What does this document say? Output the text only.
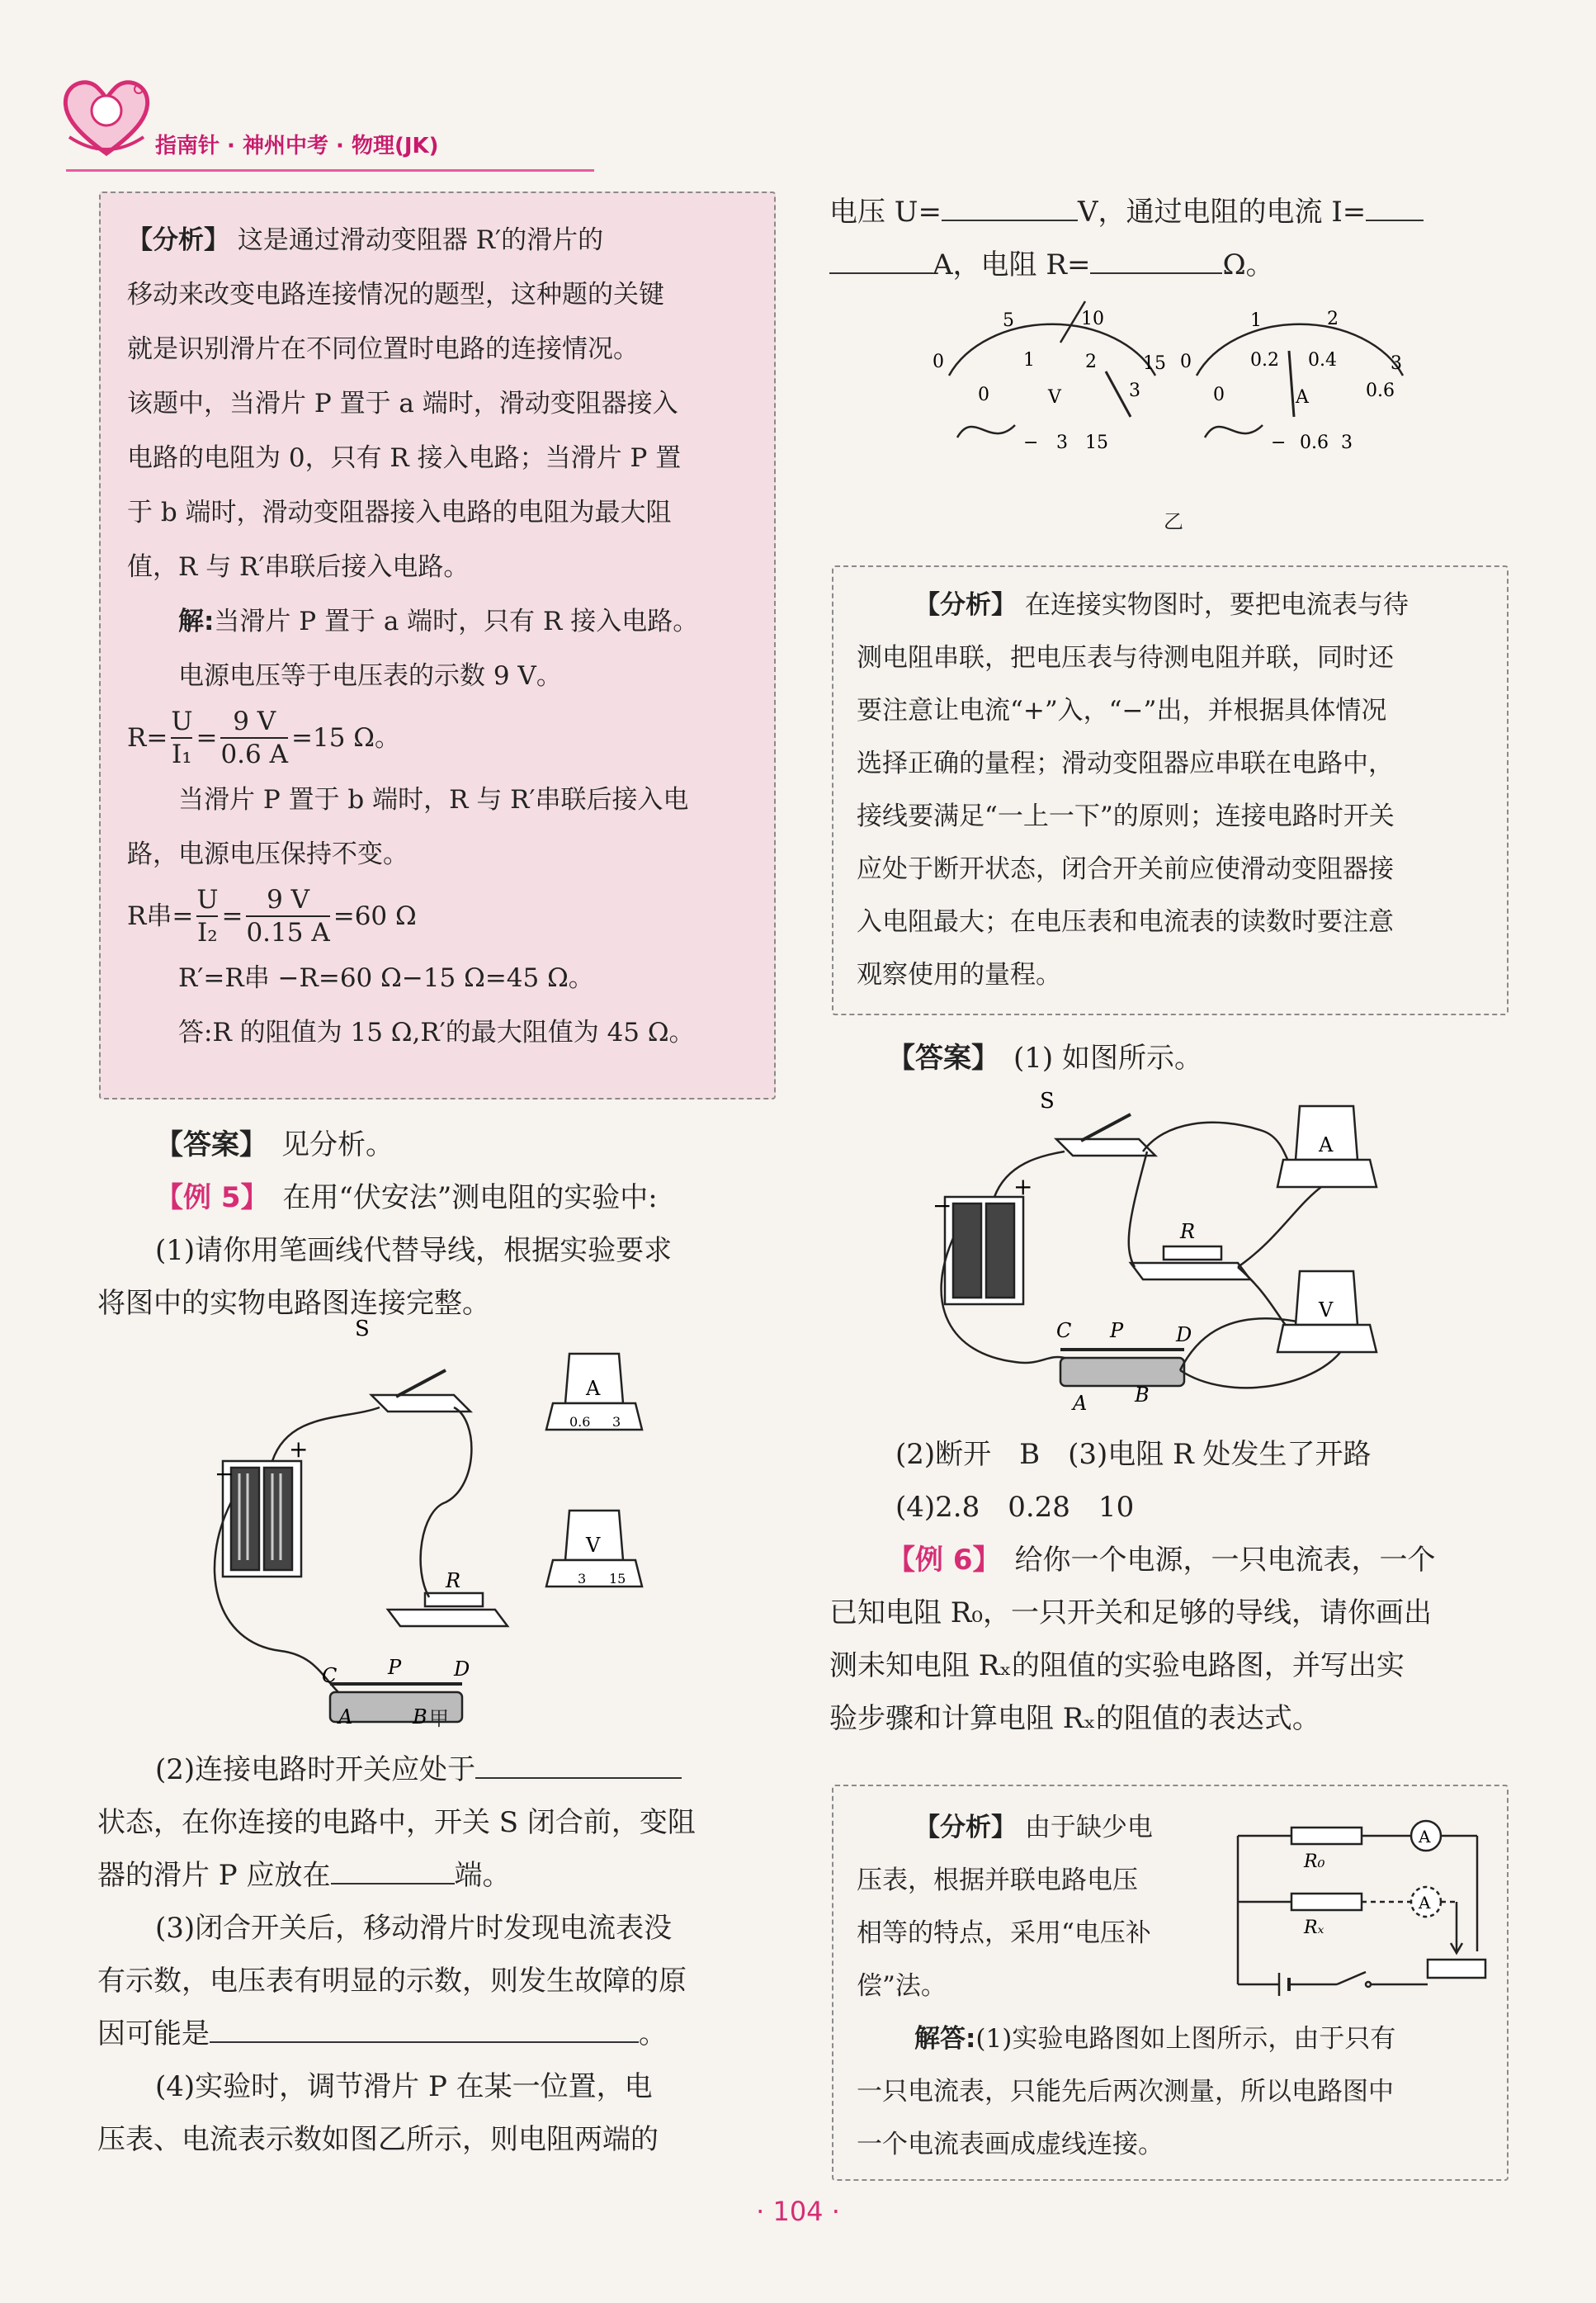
指南针 · 神州中考 · 物理(JK)

【分析】 这是通过滑动变阻器 R′的滑片的

移动来改变电路连接情况的题型，这种题的关键

就是识别滑片在不同位置时电路的连接情况。

该题中，当滑片 P 置于 a 端时，滑动变阻器接入

电路的电阻为 0，只有 R 接入电路；当滑片 P 置

于 b 端时，滑动变阻器接入电路的电阻为最大阻

值，R 与 R′串联后接入电路。

解:当滑片 P 置于 a 端时，只有 R 接入电路。

电源电压等于电压表的示数 9 V。

$R= \frac{U}{\text{I₁}} = \frac{9 V}{0.6 A} =15$ Ω。

当滑片 P 置于 b 端时，R 与 R′串联后接入电

路，电源电压保持不变。

R串= $\frac{U}{\text{I₂}} = \frac{9 V}{0.15 A} =60$ Ω

R′=R串 −R=60 Ω−15 Ω=45 Ω。

答:R 的阻值为 15 Ω,R′的最大阻值为 45 Ω。

【答案】　 见分析。

【例 5】　 在用“伏安法”测电阻的实验中:

(1)请你用笔画线代替导线，根据实验要求

将图中的实物电路图连接完整。

S
+
−
R
C	P	D
A	B
A
0.6 3
V
3 15
甲

(2)连接电路时开关应处于

状态，在你连接的电路中，开关 S 闭合前，变阻

器的滑片 P 应放在	端。

(3)闭合开关后，移动滑片时发现电流表没

有示数，电压表有明显的示数，则发生故障的原

因可能是	。

(4)实验时，调节滑片 P 在某一位置，电

压表、电流表示数如图乙所示，则电阻两端的

电压 U=	V，通过电阻的电流 I=

A，电阻 R=	Ω。

0
5	10
15
0
1	2
3
V
− 3 15
0
1	2
3
0
0.2 0.4
0.6
A
− 0.6 3
乙

【分析】 在连接实物图时，要把电流表与待

测电阻串联，把电压表与待测电阻并联，同时还

要注意让电流“+”入，“−”出，并根据具体情况

选择正确的量程；滑动变阻器应串联在电路中，

接线要满足“一上一下”的原则；连接电路时开关

应处于断开状态，闭合开关前应使滑动变阻器接

入电阻最大；在电压表和电流表的读数时要注意

观察使用的量程。

【答案】　 (1) 如图所示。

S
+
−
R
C P	D
A B
A
V

(2)断开　B　(3)电阻 R 处发生了开路

(4)2.8　0.28　10

【例 6】　 给你一个电源，一只电流表，一个

已知电阻 R₀，一只开关和足够的导线，请你画出

测未知电阻 Rₓ的阻值的实验电路图，并写出实

验步骤和计算电阻 Rₓ的阻值的表达式。

【分析】 由于缺少电

压表，根据并联电路电压

相等的特点，采用“电压补

偿”法。

解答:(1)实验电路图如上图所示，由于只有

一只电流表，只能先后两次测量，所以电路图中

一个电流表画成虚线连接。

R₀
Rₓ
A
A
· 104 ·
